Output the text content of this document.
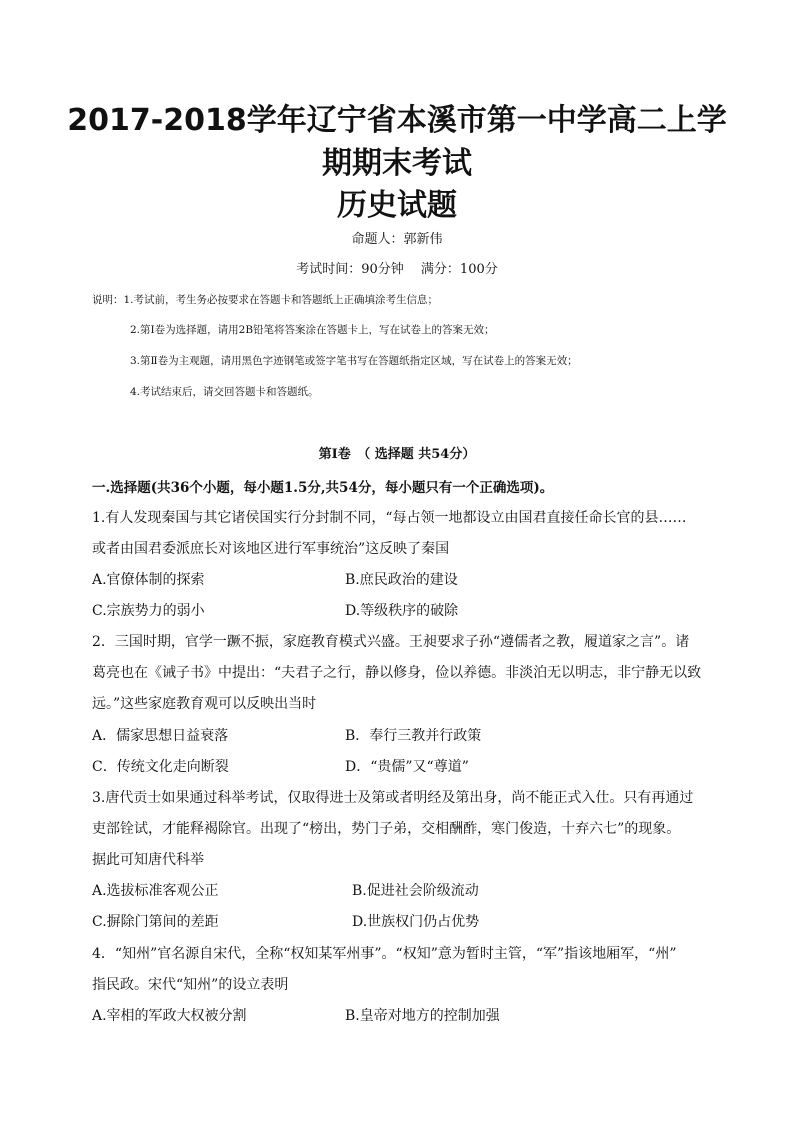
2017-2018学年辽宁省本溪市第一中学高二上学
期期末考试
历史试题
命题人：郭新伟
考试时间：90分钟　 满分：100分
说明：1.考试前，考生务必按要求在答题卡和答题纸上正确填涂考生信息；
2.第Ⅰ卷为选择题，请用2B铅笔将答案涂在答题卡上，写在试卷上的答案无效；
3.第Ⅱ卷为主观题，请用黑色字迹钢笔或签字笔书写在答题纸指定区域，写在试卷上的答案无效；
4.考试结束后，请交回答题卡和答题纸。
第Ⅰ卷　（ 选择题 共54分）
一.选择题(共36个小题，每小题1.5分,共54分，每小题只有一个正确选项)。
1.有人发现秦国与其它诸侯国实行分封制不同，“每占领一地都设立由国君直接任命长官的县……
或者由国君委派庶长对该地区进行军事统治”这反映了秦国
A.官僚体制的探索	B.庶民政治的建设
C.宗族势力的弱小	D.等级秩序的破除
2．三国时期，官学一蹶不振，家庭教育模式兴盛。王昶要求子孙“遵儒者之教，履道家之言”。诸
葛亮也在《诫子书》中提出：“夫君子之行，静以修身，俭以养德。非淡泊无以明志，非宁静无以致
远。”这些家庭教育观可以反映出当时
A．儒家思想日益衰落	B．奉行三教并行政策
C．传统文化走向断裂	D．“贵儒”又“尊道”
3.唐代贡士如果通过科举考试，仅取得进士及第或者明经及第出身，尚不能正式入仕。只有再通过
吏部铨试，才能释褐除官。出现了“榜出，势门子弟，交相酬酢，寒门俊造，十弃六七”的现象。
据此可知唐代科举
A.选拔标准客观公正	B.促进社会阶级流动
C.摒除门第间的差距	D.世族权门仍占优势
4．“知州”官名源自宋代，全称“权知某军州事”。“权知”意为暂时主管，“军”指该地厢军，“州”
指民政。宋代“知州”的设立表明
A.宰相的军政大权被分割	B.皇帝对地方的控制加强
